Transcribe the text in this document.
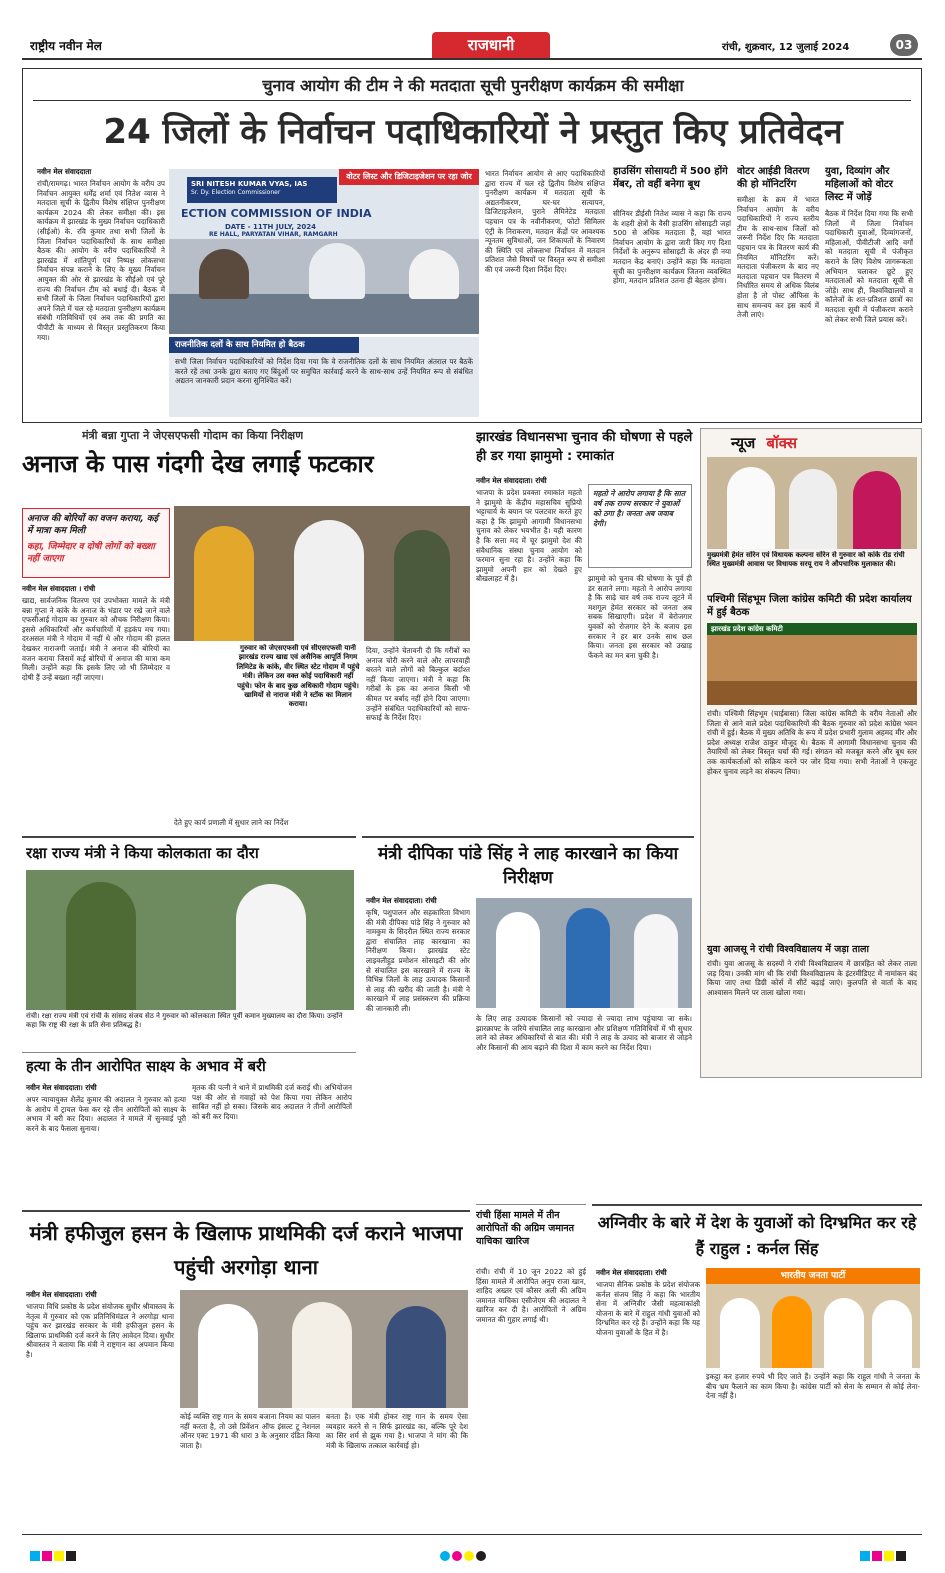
राष्ट्रीय नवीन मेल	राजधानी	रांची, शुक्रवार, 12 जुलाई 2024	03
चुनाव आयोग की टीम ने की मतदाता सूची पुनरीक्षण कार्यक्रम की समीक्षा
24 जिलों के निर्वाचन पदाधिकारियों ने प्रस्तुत किए प्रतिवेदन
नवीन मेल संवाददाता
रांची/रामगढ़। भारत निर्वाचन आयोग के वरीय उप निर्वाचन आयुक्त धर्मेंद्र शर्मा एवं नितेश व्यास ने मतदाता सूची के द्वितीय विशेष संक्षिप्त पुनरीक्षण कार्यक्रम 2024 की लेकर समीक्षा की। इस कार्यक्रम में झारखंड के मुख्य निर्वाचन पदाधिकारी (सीईओ) के. रवि कुमार तथा सभी जिलों के जिला निर्वाचन पदाधिकारियों के साथ समीक्षा बैठक की। आयोग के वरीय पदाधिकारियों ने झारखंड में शांतिपूर्ण एवं निष्पक्ष लोकसभा निर्वाचन संपन्न कराने के लिए के मुख्य निर्वाचन आयुक्त की ओर से झारखंड के सीईओ एवं पूरे राज्य की निर्वाचन टीम को बधाई दी। बैठक में सभी जिलों के जिला निर्वाचन पदाधिकारियों द्वारा अपने जिले में चल रहे मतदाता पुनरीक्षण कार्यक्रम संबंधी गतिविधियों एवं अब तक की प्रगति का पीपीटी के माध्यम से विस्तृत प्रस्तुतिकरण किया गया।
SRI NITESH KUMAR VYAS, IAS
Sr. Dy. Election Commissioner
वोटर लिस्ट और डिजिटाइजेशन पर रहा जोर
ECTION COMMISSION OF INDIA
DATE - 11TH JULY, 2024
RE HALL, PARYATAN VIHAR, RAMGARH
राजनीतिक दलों के साथ नियमित हो बैठक
सभी जिला निर्वाचन पदाधिकारियों को निर्देश दिया गया कि वे राजनीतिक दलों के साथ नियमित अंतराल पर बैठकें करते रहें तथा उनके द्वारा बताए गए बिंदुओं पर समुचित कार्रवाई करने के साथ-साथ उन्हें नियमित रूप से संबंधित अद्यतन जानकारी प्रदान करना सुनिश्चित करें।
भारत निर्वाचन आयोग से आए पदाधिकारियों द्वारा राज्य में चल रहे द्वितीय विशेष संक्षिप्त पुनरीक्षण कार्यक्रम में मतदाता सूची के अद्यतनीकरण, घर-घर सत्यापन, डिजिटाइजेशन, पुराने लैमिनेटेड मतदाता पहचान पत्र के नवीनीकरण, फोटो सिमिलर एंट्री के निराकरण, मतदान केंद्रों पर आवश्यक न्यूनतम सुविधाओं, जन शिकायतों के निवारण की स्थिति एवं लोकसभा निर्वाचन में मतदान प्रतिशत जैसे विषयों पर विस्तृत रूप से समीक्षा की एवं जरूरी दिशा निर्देश दिए।
हाउसिंग सोसायटी में 500 होंगे मेंबर, तो वहीं बनेगा बूथ
सीनियर डीईसी नितेश व्यास ने कहा कि राज्य के शहरी क्षेत्रों के वैसी हाउसिंग सोसाइटी जहां 500 से अधिक मतदाता हैं, वहां भारत निर्वाचन आयोग के द्वारा जारी किए गए दिशा निर्देशों के अनुरूप सोसाइटी के अंदर ही नया मतदान केंद्र बनाएं। उन्होंने कहा कि मतदाता सूची का पुनरीक्षण कार्यक्रम जितना व्यवस्थित होगा, मतदान प्रतिशत उतना ही बेहतर होगा।
वोटर आईडी वितरण की हो मॉनिटरिंग
समीक्षा के क्रम में भारत निर्वाचन आयोग के वरीय पदाधिकारियों ने राज्य स्तरीय टीम के साथ-साथ जिलों को जरूरी निर्देश दिए कि मतदाता पहचान पत्र के वितरण कार्य की नियमित मॉनिटरिंग करें। मतदाता पंजीकरण के बाद नए मतदाता पहचान पत्र वितरण में निर्धारित समय से अधिक विलंब होता है तो पोस्ट ऑफिस के साथ समन्वय कर इस कार्य में तेजी लाएं।
युवा, दिव्यांग और महिलाओं को वोटर लिस्ट में जोड़ें
बैठक में निर्देश दिया गया कि सभी जिलों में जिला निर्वाचन पदाधिकारी युवाओं, दिव्यांगजनों, महिलाओं, पीवीटीजी आदि वर्गों को मतदाता सूची में पंजीकृत कराने के लिए विशेष जागरूकता अभियान चलाकर छूटे हुए मतदाताओं को मतदाता सूची से जोड़ें। साथ ही, विश्वविद्यालयों व कॉलेजों के शत-प्रतिशत छात्रों का मतदाता सूची में पंजीकरण कराने को लेकर सभी जिले प्रयास करें।
मंत्री बन्ना गुप्ता ने जेएसएफसी गोदाम का किया निरीक्षण
अनाज के पास गंदगी देख लगाई फटकार
अनाज की बोरियों का वजन कराया, कई में मात्रा कम मिली
कहा, जिम्मेदार व दोषी लोगों को बख्शा नहीं जाएगा
नवीन मेल संवाददाता । रांची
खाद्य, सार्वजनिक वितरण एवं उपभोक्ता मामले के मंत्री बन्ना गुप्ता ने कांके के अनाज के भंडार पर रखे जाने वाले एफसीआई गोदाम का गुरुवार को औचक निरीक्षण किया। इससे अधिकारियों और कर्मचारियों में हड़कंप मच गया। दरअसल मंत्री ने गोदाम में नहीं थे और गोदाम की हालत देखकर नाराजगी जताई। मंत्री ने अनाज की बोरियों का वजन कराया जिसमें कई बोरियों में अनाज की मात्रा कम मिली। उन्होंने कहा कि इसके लिए जो भी जिम्मेदार व दोषी हैं उन्हें बख्शा नहीं जाएगा।
गुरुवार को जेएसएफसी एवं सीएसएफसी यानी झारखंड राज्य खाद्य एवं असैनिक आपूर्ति निगम लिमिटेड के कांके, वीर स्थित स्टेट गोदाम में पहुंचे मंत्री। लेकिन उस वक्त कोई पदाधिकारी नहीं पहुंचे। फोन के बाद कुछ अधिकारी गोदाम पहुंचे। खामियों से नाराज मंत्री ने स्टॉक का मिलान कराया।
दिया, उन्होंने चेतावनी दी कि गरीबों का अनाज चोरी करने वाले और लापरवाही बरतने वाले लोगों को बिल्कुल बर्दाश्त नहीं किया जाएगा। मंत्री ने कहा कि गरीबों के हक का अनाज किसी भी कीमत पर बर्बाद नहीं होने दिया जाएगा। उन्होंने संबंधित पदाधिकारियों को साफ-सफाई के निर्देश दिए।
देते हुए कार्य प्रणाली में सुधार लाने का निर्देश
झारखंड विधानसभा चुनाव की घोषणा से पहले ही डर गया झामुमो : रमाकांत
नवीन मेल संवाददाता। रांची
भाजपा के प्रदेश प्रवक्ता रमाकांत महतो ने झामुमो के केंद्रीय महासचिव सुप्रियो भट्टाचार्य के बयान पर पलटवार करते हुए कहा है कि झामुमो आगामी विधानसभा चुनाव को लेकर भयभीत है। यही कारण है कि सत्ता मद में चूर झामुमो देश की संवैधानिक संस्था चुनाव आयोग को फरमान सुना रहा है। उन्होंने कहा कि झामुमो अपनी हार को देखते हुए बौखलाहट में है।
महतो ने आरोप लगाया है कि सात वर्ष तक राज्य सरकार ने युवाओं को ठगा है। जनता अब जवाब देगी।
झामुमो को चुनाव की घोषणा के पूर्व ही डर सताने लगा। महतो ने आरोप लगाया है कि साढ़े चार वर्ष तक राज्य लूटने में मशगूल हेमंत सरकार को जनता अब सबक सिखाएगी। प्रदेश में बेरोजगार युवकों को रोजगार देने के बजाय इस सरकार ने हर बार उनके साथ छल किया। जनता इस सरकार को उखाड़ फेंकने का मन बना चुकी है।
न्यूज बॉक्स
मुख्यमंत्री हेमंत सोरेन एवं विधायक कल्पना सोरेन से गुरुवार को कांके रोड रांची स्थित मुख्यमंत्री आवास पर विधायक सरयू राय ने औपचारिक मुलाकात की।
पश्चिमी सिंहभूम जिला कांग्रेस कमिटी की प्रदेश कार्यालय में हुई बैठक
झारखंड प्रदेश कांग्रेस कमिटी
रांची। पश्चिमी सिंहभूम (चाईबासा) जिला कांग्रेस कमिटी के वरीय नेताओं और जिला से आने वाले प्रदेश पदाधिकारियों की बैठक गुरुवार को प्रदेश कांग्रेस भवन रांची में हुई। बैठक में मुख्य अतिथि के रूप में प्रदेश प्रभारी गुलाम अहमद मीर और प्रदेश अध्यक्ष राजेश ठाकुर मौजूद थे। बैठक में आगामी विधानसभा चुनाव की तैयारियों को लेकर विस्तृत चर्चा की गई। संगठन को मजबूत करने और बूथ स्तर तक कार्यकर्ताओं को सक्रिय करने पर जोर दिया गया। सभी नेताओं ने एकजुट होकर चुनाव लड़ने का संकल्प लिया।
युवा आजसू ने रांची विश्वविद्यालय में जड़ा ताला
रांची। युवा आजसू के सदस्यों ने रांची विश्वविद्यालय में छात्रहित को लेकर ताला जड़ दिया। उनकी मांग थी कि रांची विश्वविद्यालय के इंटरमीडिएट में नामांकन बंद किया जाए तथा डिग्री कोर्स में सीटें बढ़ाई जाएं। कुलपति से वार्ता के बाद आश्वासन मिलने पर ताला खोला गया।
रक्षा राज्य मंत्री ने किया कोलकाता का दौरा
रांची। रक्षा राज्य मंत्री एवं रांची के सांसद संजय सेठ ने गुरुवार को कोलकाता स्थित पूर्वी कमान मुख्यालय का दौरा किया। उन्होंने कहा कि राष्ट्र की रक्षा के प्रति सेना प्रतिबद्ध है।
मंत्री दीपिका पांडे सिंह ने लाह कारखाने का किया निरीक्षण
नवीन मेल संवाददाता। रांची
कृषि, पशुपालन और सहकारिता विभाग की मंत्री दीपिका पांडे सिंह ने गुरुवार को नामकुम के सिदरौल स्थित राज्य सरकार द्वारा संचालित लाह कारखाना का निरीक्षण किया। झारखंड स्टेट लाइवलीहुड प्रमोशन सोसाइटी की ओर से संचालित इस कारखाने में राज्य के विभिन्न जिलों के लाह उत्पादक किसानों से लाह की खरीद की जाती है। मंत्री ने कारखाने में लाह प्रसंस्करण की प्रक्रिया की जानकारी ली।
के लिए लाह उत्पादक किसानों को ज्यादा से ज्यादा लाभ पहुंचाया जा सके। झारक्राफ्ट के जरिये संचालित लाह कारखाना और प्रशिक्षण गतिविधियों में भी सुधार लाने को लेकर अधिकारियों से बात की। मंत्री ने लाह के उत्पाद को बाजार से जोड़ने और किसानों की आय बढ़ाने की दिशा में काम करने का निर्देश दिया।
हत्या के तीन आरोपित साक्ष्य के अभाव में बरी
नवीन मेल संवाददाता। रांची
अपर न्यायायुक्त शैलेंद्र कुमार की अदालत ने गुरुवार को हत्या के आरोप में ट्रायल फेस कर रहे तीन आरोपितों को साक्ष्य के अभाव में बरी कर दिया। अदालत ने मामले में सुनवाई पूरी करने के बाद फैसला सुनाया।
मृतक की पत्नी ने थाने में प्राथमिकी दर्ज कराई थी। अभियोजन पक्ष की ओर से गवाहों को पेश किया गया लेकिन आरोप साबित नहीं हो सका। जिसके बाद अदालत ने तीनों आरोपितों को बरी कर दिया।
रांची हिंसा मामले में तीन आरोपितों की अग्रिम जमानत याचिका खारिज
रांची। रांची में 10 जून 2022 को हुई हिंसा मामले में आरोपित अनुप राजा खान, शाहिद अख्तर एवं कौसर अली की अग्रिम जमानत याचिका एसीजेएम की अदालत ने खारिज कर दी है। आरोपितों ने अग्रिम जमानत की गुहार लगाई थी।
मंत्री हफीजुल हसन के खिलाफ प्राथमिकी दर्ज कराने भाजपा पहुंची अरगोड़ा थाना
नवीन मेल संवाददाता। रांची
भाजपा विधि प्रकोष्ठ के प्रदेश संयोजक सुधीर श्रीवास्तव के नेतृत्व में गुरुवार को एक प्रतिनिधिमंडल ने अरगोड़ा थाना पहुंच कर झारखंड सरकार के मंत्री हफीजुल हसन के खिलाफ प्राथमिकी दर्ज करने के लिए आवेदन दिया। सुधीर श्रीवास्तव ने बताया कि मंत्री ने राष्ट्रगान का अपमान किया है।
कोई व्यक्ति राष्ट्र गान के समय बजाना नियम का पालन नहीं करता है, तो उसे प्रिवेंशन ऑफ इंसल्ट टू नेशनल ऑनर एक्ट 1971 की धारा 3 के अनुसार दंडित किया जाता है।
बनता है। एक मंत्री होकर राष्ट्र गान के समय ऐसा व्यवहार करने से न सिर्फ झारखंड का, बल्कि पूरे देश का सिर शर्म से झुक गया है। भाजपा ने मांग की कि मंत्री के खिलाफ तत्काल कार्रवाई हो।
अग्निवीर के बारे में देश के युवाओं को दिग्भ्रमित कर रहे हैं राहुल : कर्नल सिंह
नवीन मेल संवाददाता। रांची
भाजपा सैनिक प्रकोष्ठ के प्रदेश संयोजक कर्नल संजय सिंह ने कहा कि भारतीय सेना में अग्निवीर जैसी महत्वाकांक्षी योजना के बारे में राहुल गांधी युवाओं को दिग्भ्रमित कर रहे हैं। उन्होंने कहा कि यह योजना युवाओं के हित में है।
भारतीय जनता पार्टी
इकट्ठा कर हजार रुपये भी दिए जाते हैं। उन्होंने कहा कि राहुल गांधी ने जनता के बीच भ्रम फैलाने का काम किया है। कांग्रेस पार्टी को सेना के सम्मान से कोई लेना-देना नहीं है।
